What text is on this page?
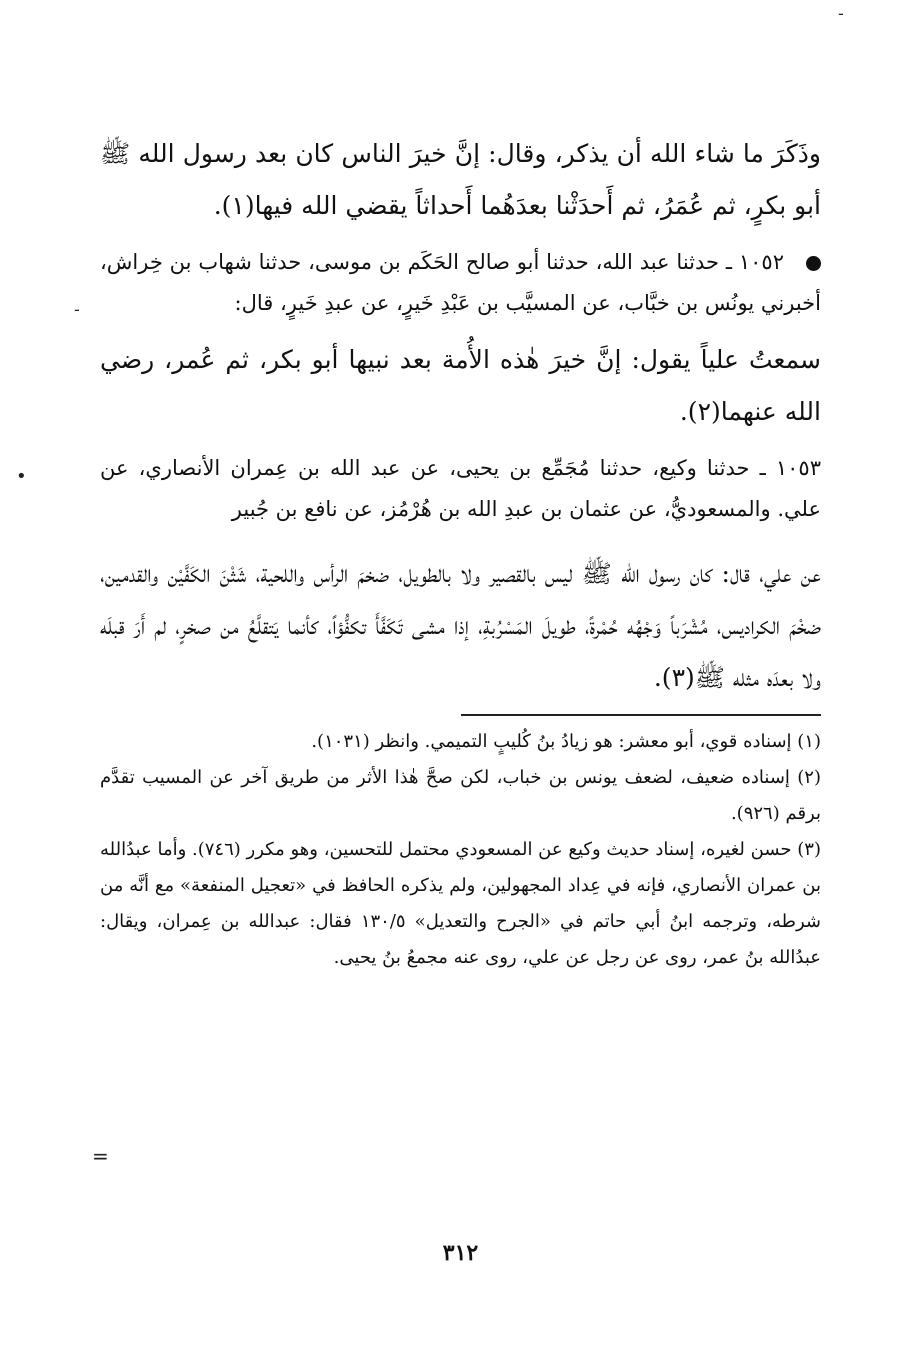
وذَكَرَ ما شاء الله أن يذكر، وقال: إنَّ خيرَ الناس كان بعد رسول الله ﷺ أبو بكرٍ، ثم عُمَرُ، ثم أَحدَثْنا بعدَهُما أَحداثاً يقضي الله فيها(١).

١٠٥٢ ـ حدثنا عبد الله، حدثنا أبو صالح الحَكَم بن موسى، حدثنا شهاب بن خِراش، أخبرني يونُس بن خبَّاب، عن المسيَّب بن عَبْدِ خَيرٍ، عن عبدِ خَيرٍ، قال:

سمعتُ علياً يقول: إنَّ خيرَ هٰذه الأُمة بعد نبيها أبو بكر، ثم عُمر، رضي الله عنهما(٢).

١٠٥٣ ـ حدثنا وكيع، حدثنا مُجَمِّع بن يحيى، عن عبد الله بن عِمران الأنصاري، عن علي. والمسعوديُّ، عن عثمان بن عبدِ الله بن هُرْمُز، عن نافع بن جُبير

عن علي، قال: كان رسول الله ﷺ ليس بالقصير ولا بالطويل، ضخمَ الرأس واللحية، شَثْنَ الكَفَّيْن والقدمين، ضخْمَ الكراديس، مُشْرَباً وَجْهُه حُمْرةً، طويلَ المَسْرُبةِ، إذا مشى تَكَفَّأَ تكفُّؤاً، كأنما يَتقلَّعُ من صخرٍ، لم أَرَ قبلَه ولا بعدَه مثله ﷺ(٣).

(١) إسناده قوي، أبو معشر: هو زيادُ بنُ كُليبٍ التميمي. وانظر (١٠٣١).

(٢) إسناده ضعيف، لضعف يونس بن خباب، لكن صحَّ هٰذا الأثر من طريق آخر عن المسيب تقدَّم برقم (٩٢٦).

(٣) حسن لغيره، إسناد حديث وكيع عن المسعودي محتمل للتحسين، وهو مكرر (٧٤٦). وأما عبدُالله بن عمران الأنصاري، فإنه في عِداد المجهولين، ولم يذكره الحافظ في «تعجيل المنفعة» مع أنَّه من شرطه، وترجمه ابنُ أبي حاتم في «الجرح والتعديل» ١٣٠/٥ فقال: عبدالله بن عِمران، ويقال: عبدُالله بنُ عمر، روى عن رجل عن علي، روى عنه مجمعُ بنُ يحيى.

٣١٢
-
-
•
=
